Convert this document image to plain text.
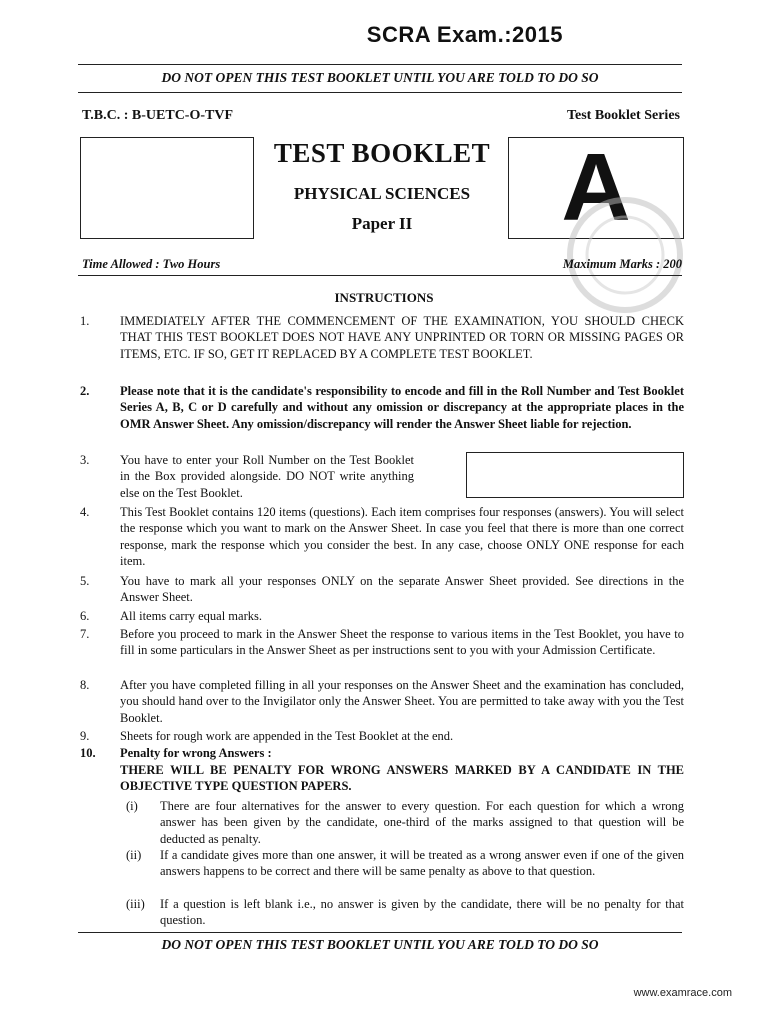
SCRA Exam.:2015
DO NOT OPEN THIS TEST BOOKLET UNTIL YOU ARE TOLD TO DO SO
T.B.C. : B-UETC-O-TVF	Test Booklet Series
TEST BOOKLET
PHYSICAL SCIENCES
Paper II	A
Time Allowed : Two Hours	Maximum Marks : 200
INSTRUCTIONS
1.	IMMEDIATELY AFTER THE COMMENCEMENT OF THE EXAMINATION, YOU SHOULD CHECK THAT THIS TEST BOOKLET DOES NOT HAVE ANY UNPRINTED OR TORN OR MISSING PAGES OR ITEMS, ETC. IF SO, GET IT REPLACED BY A COMPLETE TEST BOOKLET.
2.	Please note that it is the candidate's responsibility to encode and fill in the Roll Number and Test Booklet Series A, B, C or D carefully and without any omission or discrepancy at the appropriate places in the OMR Answer Sheet. Any omission/discrepancy will render the Answer Sheet liable for rejection.
3.	You have to enter your Roll Number on the Test Booklet in the Box provided alongside. DO NOT write anything else on the Test Booklet.
4.	This Test Booklet contains 120 items (questions). Each item comprises four responses (answers). You will select the response which you want to mark on the Answer Sheet. In case you feel that there is more than one correct response, mark the response which you consider the best. In any case, choose ONLY ONE response for each item.
5.	You have to mark all your responses ONLY on the separate Answer Sheet provided. See directions in the Answer Sheet.
6.	All items carry equal marks.
7.	Before you proceed to mark in the Answer Sheet the response to various items in the Test Booklet, you have to fill in some particulars in the Answer Sheet as per instructions sent to you with your Admission Certificate.
8.	After you have completed filling in all your responses on the Answer Sheet and the examination has concluded, you should hand over to the Invigilator only the Answer Sheet. You are permitted to take away with you the Test Booklet.
9.	Sheets for rough work are appended in the Test Booklet at the end.
10.	Penalty for wrong Answers :
THERE WILL BE PENALTY FOR WRONG ANSWERS MARKED BY A CANDIDATE IN THE OBJECTIVE TYPE QUESTION PAPERS.
(i)	There are four alternatives for the answer to every question. For each question for which a wrong answer has been given by the candidate, one-third of the marks assigned to that question will be deducted as penalty.
(ii)	If a candidate gives more than one answer, it will be treated as a wrong answer even if one of the given answers happens to be correct and there will be same penalty as above to that question.
(iii)	If a question is left blank i.e., no answer is given by the candidate, there will be no penalty for that question.
DO NOT OPEN THIS TEST BOOKLET UNTIL YOU ARE TOLD TO DO SO
www.examrace.com
